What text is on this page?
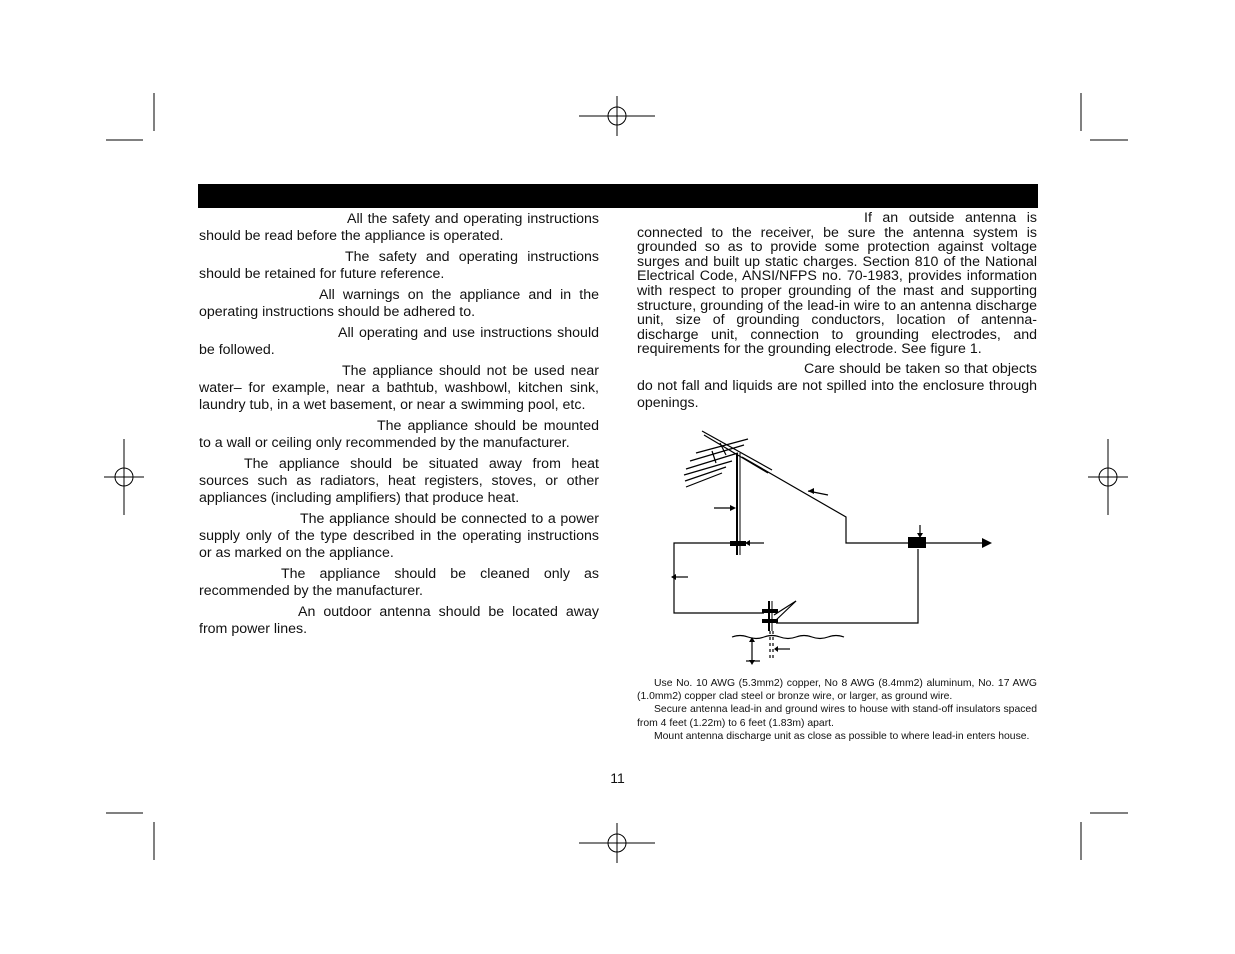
All the safety and operating instructions should be read before the appliance is operated.

The safety and operating instructions should be retained for future reference.

All warnings on the appliance and in the operating instructions should be adhered to.

All operating and use instructions should be followed.

The appliance should not be used near water– for example, near a bathtub, washbowl, kitchen sink, laundry tub, in a wet basement, or near a swimming pool, etc.

The appliance should be mounted to a wall or ceiling only recommended by the manufacturer.

The appliance should be situated away from heat sources such as radiators, heat registers, stoves, or other appliances (including amplifiers) that produce heat.

The appliance should be connected to a power supply only of the type described in the operating instructions or as marked on the appliance.

The appliance should be cleaned only as recommended by the manufacturer.

An outdoor antenna should be located away from power lines.

If an outside antenna is connected to the receiver, be sure the antenna system is grounded so as to provide some protection against voltage surges and built up static charges. Section 810 of the National Electrical Code, ANSI/NFPS no. 70-1983, provides information with respect to proper grounding of the mast and supporting structure, grounding of the lead-in wire to an antenna discharge unit, size of grounding conductors, location of antenna-discharge unit, connection to grounding electrodes, and requirements for the grounding electrode. See figure 1.

Care should be taken so that objects do not fall and liquids are not spilled into the enclosure through openings.

Use No. 10 AWG (5.3mm2) copper, No 8 AWG (8.4mm2) aluminum, No. 17 AWG (1.0mm2) copper clad steel or bronze wire, or larger, as ground wire.

Secure antenna lead-in and ground wires to house with stand-off insulators spaced from 4 feet (1.22m) to 6 feet (1.83m) apart.

Mount antenna discharge unit as close as possible to where lead-in enters house.

11
